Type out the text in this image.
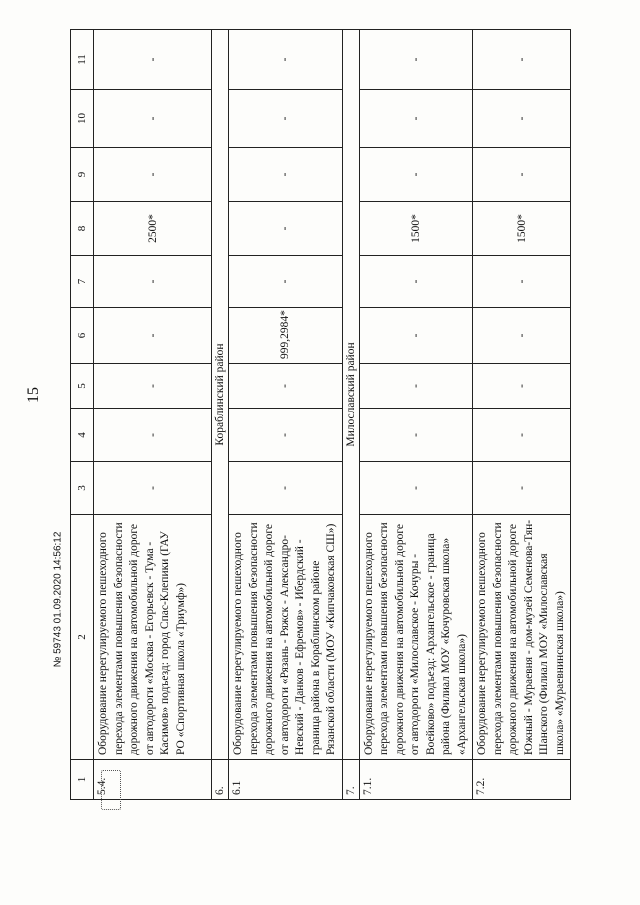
15
1	2	3	4	5	6	7	8	9	10	11
5.4.	Оборудование нерегулируемого пешеходного перехода элементами повышения безопасности дорожного движения на автомобильной дороге от автодороги «Москва - Егорьевск - Тума - Касимов» подъезд: город Спас-Клепики (ГАУ РО «Спортивная школа «Триумф»)	-	-	-	-	-	2500*	-	-	-
6.	Кораблинский район									
6.1	Оборудование нерегулируемого пешеходного перехода элементами повышения безопасности дорожного движения на автомобильной дороге от автодороги «Рязань - Ряжск - Александро-Невский - Данков - Ефремов» - Ибердский - граница района в Кораблинском районе Рязанской области (МОУ «Кипчаковская СШ»)	-	-	-	999,2984*	-	-	-	-	-
7.	Милославский район									
7.1.	Оборудование нерегулируемого пешеходного перехода элементами повышения безопасности дорожного движения на автомобильной дороге от автодороги «Милославское - Кочуры - Воейково» подъезд: Архангельское - граница района (Филиал МОУ «Кочуровская школа» «Архангельская школа»)	-	-	-	-	-	1500*	-	-	-
7.2.	Оборудование нерегулируемого пешеходного перехода элементами повышения безопасности дорожного движения на автомобильной дороге Южный - Мураевня - дом-музей Семенова-Тян-Шанского (Филиал МОУ «Милославская школа» «Мураевнинская школа»)	-	-	-	-	-	1500*	-	-	-
№ 59743 01.09.2020 14:56:12
